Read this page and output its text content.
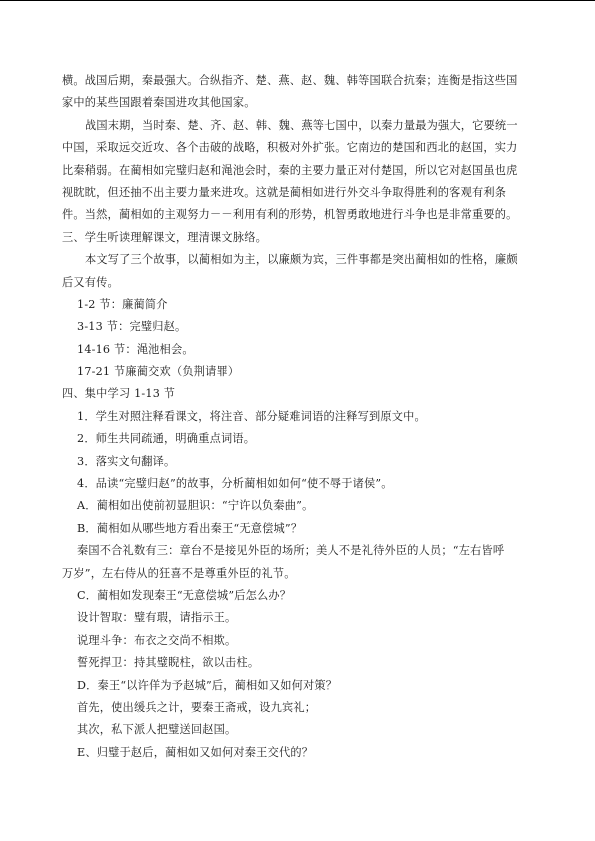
横。战国后期，秦最强大。合纵指齐、楚、燕、赵、魏、韩等国联合抗秦；连衡是指这些国
家中的某些国跟着秦国进攻其他国家。
战国末期，当时秦、楚、齐、赵、韩、魏、燕等七国中，以秦力量最为强大，它要统一
中国，采取远交近攻、各个击破的战略，积极对外扩张。它南边的楚国和西北的赵国，实力
比秦稍弱。在蔺相如完璧归赵和渑池会时，秦的主要力量正对付楚国，所以它对赵国虽也虎
视眈眈，但还抽不出主要力量来进攻。这就是蔺相如进行外交斗争取得胜利的客观有利条
件。当然，蔺相如的主观努力－－利用有利的形势，机智勇敢地进行斗争也是非常重要的。
三、学生听读理解课文，理清课文脉络。
本文写了三个故事，以蔺相如为主，以廉颇为宾，三件事都是突出蔺相如的性格，廉颇
后又有传。
1-2 节：廉蔺简介
3-13 节：完璧归赵。
14-16 节：渑池相会。
17-21 节廉蔺交欢（负荆请罪）
四、集中学习 1-13 节
1．学生对照注释看课文，将注音、部分疑难词语的注释写到原文中。
2．师生共同疏通，明确重点词语。
3．落实文句翻译。
4．品读“完璧归赵”的故事，分析蔺相如如何“使不辱于诸侯”。
A．蔺相如出使前初显胆识：“宁许以负秦曲”。
B．蔺相如从哪些地方看出秦王“无意偿城”？
秦国不合礼数有三：章台不是接见外臣的场所；美人不是礼待外臣的人员；“左右皆呼
万岁”，左右侍从的狂喜不是尊重外臣的礼节。
C．蔺相如发现秦王“无意偿城”后怎么办？
设计智取：璧有瑕，请指示王。
说理斗争：布衣之交尚不相欺。
誓死捍卫：持其璧睨柱，欲以击柱。
D．秦王“以许佯为予赵城”后，蔺相如又如何对策？
首先，使出缓兵之计，要秦王斋戒，设九宾礼；
其次，私下派人把璧送回赵国。
E、归璧于赵后，蔺相如又如何对秦王交代的？
